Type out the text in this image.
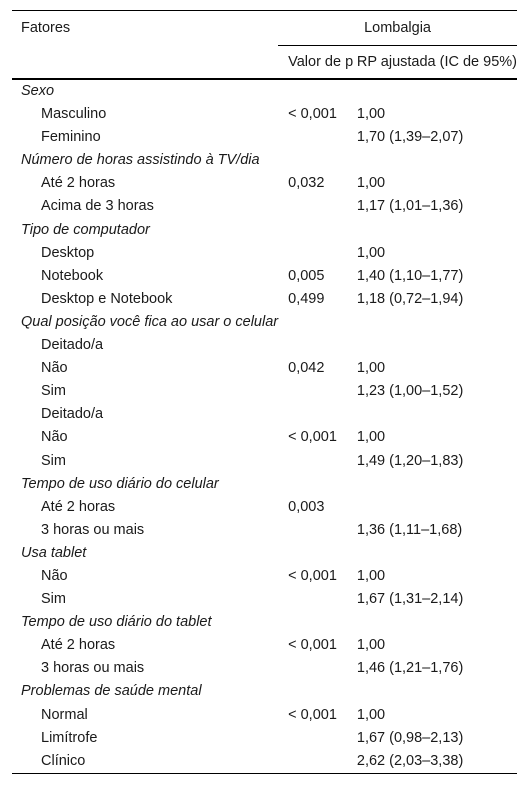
Fatores	Lombalgia	
	Valor de p	RP ajustada (IC de 95%)
Sexo		
Masculino	< 0,001	1,00
Feminino		1,70 (1,39–2,07)
Número de horas assistindo à TV/dia		
Até 2 horas	0,032	1,00
Acima de 3 horas		1,17 (1,01–1,36)
Tipo de computador		
Desktop		1,00
Notebook	0,005	1,40 (1,10–1,77)
Desktop e Notebook	0,499	1,18 (0,72–1,94)
Qual posição você fica ao usar o celular		
Deitado/a		
Não	0,042	1,00
Sim		1,23 (1,00–1,52)
Deitado/a		
Não	< 0,001	1,00
Sim		1,49 (1,20–1,83)
Tempo de uso diário do celular		
Até 2 horas	0,003	
3 horas ou mais		1,36 (1,11–1,68)
Usa tablet		
Não	< 0,001	1,00
Sim		1,67 (1,31–2,14)
Tempo de uso diário do tablet		
Até 2 horas	< 0,001	1,00
3 horas ou mais		1,46 (1,21–1,76)
Problemas de saúde mental		
Normal	< 0,001	1,00
Limítrofe		1,67 (0,98–2,13)
Clínico		2,62 (2,03–3,38)
